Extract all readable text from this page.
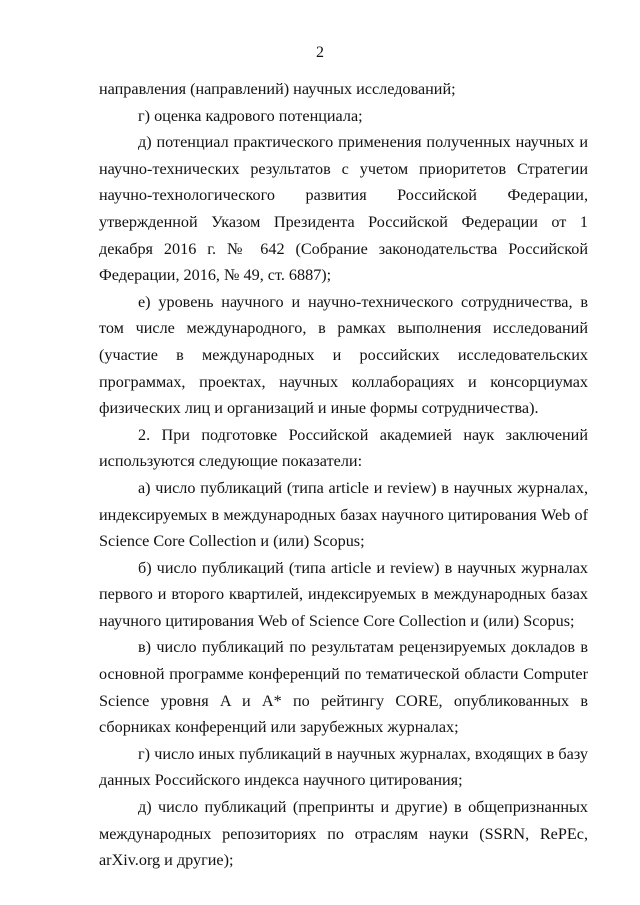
2

направления (направлений) научных исследований;

г) оценка кадрового потенциала;

д) потенциал практического применения полученных научных и научно-технических результатов с учетом приоритетов Стратегии научно-технологического развития Российской Федерации, утвержденной Указом Президента Российской Федерации от 1 декабря 2016 г. № 642 (Собрание законодательства Российской Федерации, 2016, № 49, ст. 6887);

е) уровень научного и научно-технического сотрудничества, в том числе международного, в рамках выполнения исследований (участие в международных и российских исследовательских программах, проектах, научных коллаборациях и консорциумах физических лиц и организаций и иные формы сотрудничества).

2. При подготовке Российской академией наук заключений используются следующие показатели:

а) число публикаций (типа article и review) в научных журналах, индексируемых в международных базах научного цитирования Web of Science Core Collection и (или) Scopus;

б) число публикаций (типа article и review) в научных журналах первого и второго квартилей, индексируемых в международных базах научного цитирования Web of Science Core Collection и (или) Scopus;

в) число публикаций по результатам рецензируемых докладов в основной программе конференций по тематической области Computer Science уровня A и A* по рейтингу CORE, опубликованных в сборниках конференций или зарубежных журналах;

г) число иных публикаций в научных журналах, входящих в базу данных Российского индекса научного цитирования;

д) число публикаций (препринты и другие) в общепризнанных международных репозиториях по отраслям науки (SSRN, RePEc, arXiv.org и другие);
